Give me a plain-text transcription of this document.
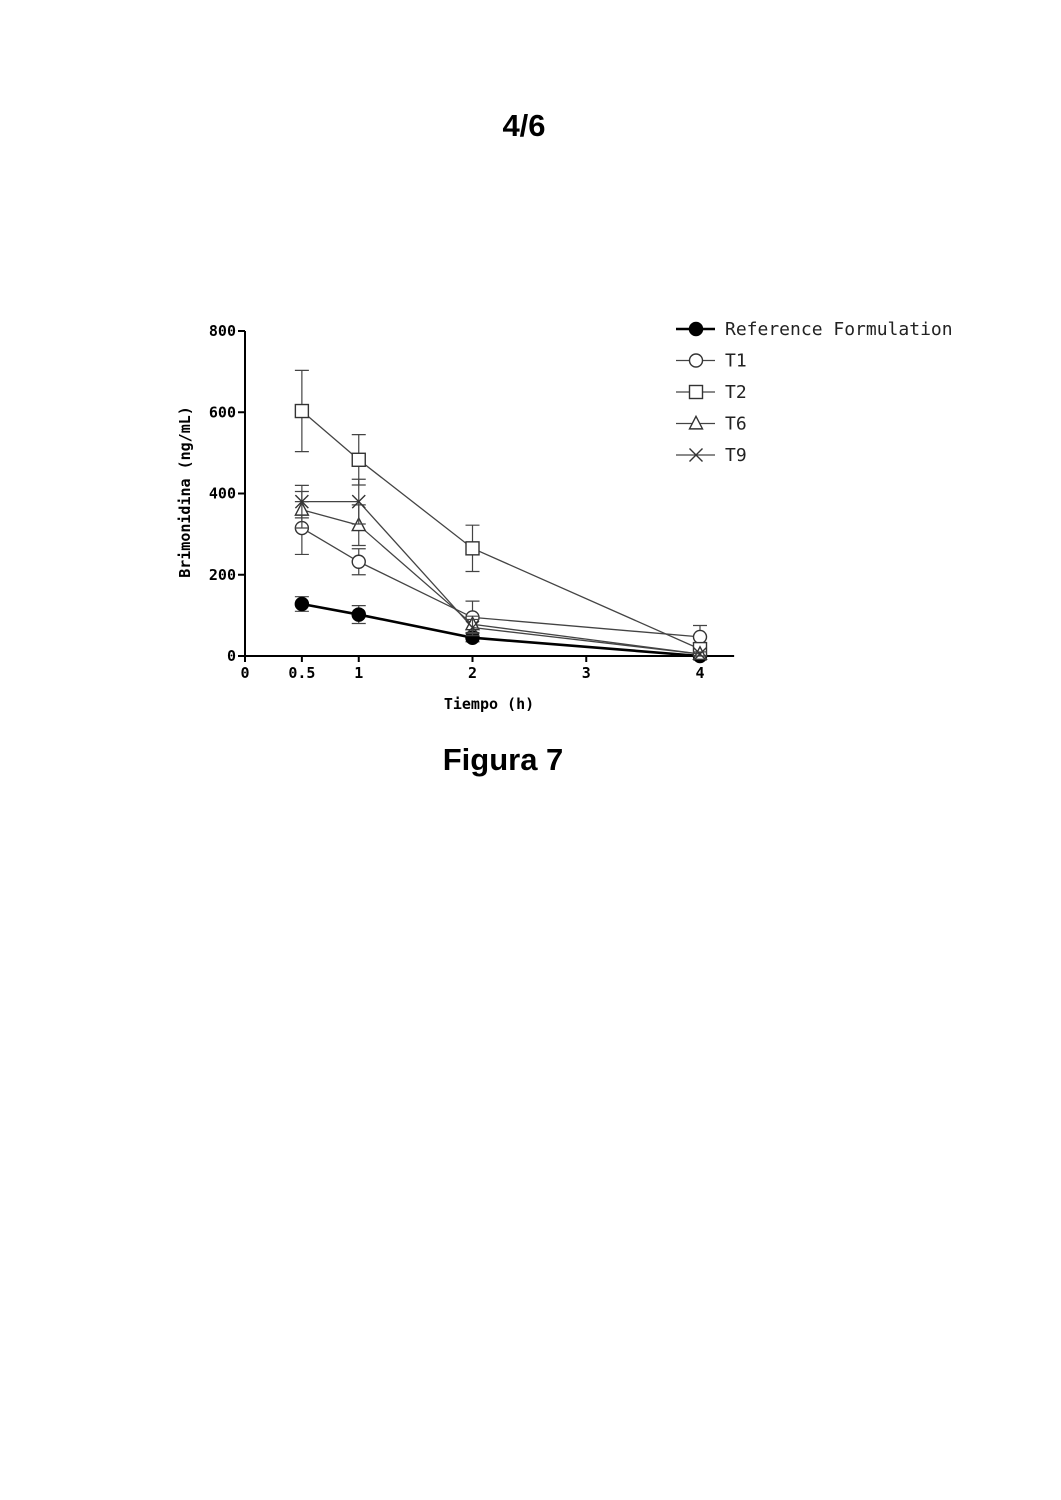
4/6
0
200
400
600
800
0	0.5	1	2	3	4
Reference Formulation
T1
T2
T6
T9
Tiempo (h)
Brimonidina (ng/mL)
Figura 7
